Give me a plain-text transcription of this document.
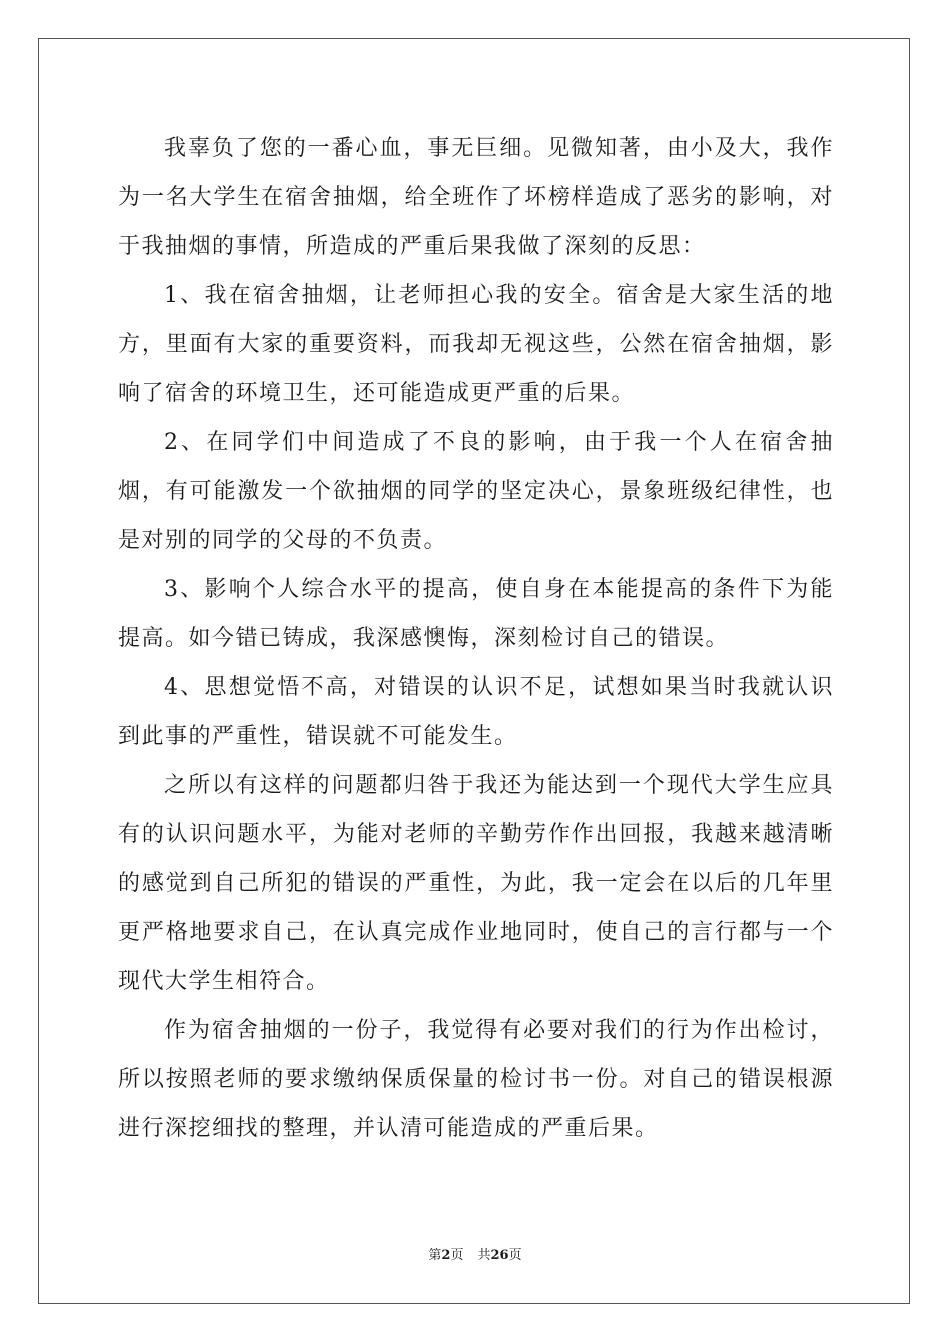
我辜负了您的一番心血，事无巨细。见微知著，由小及大，我作为一名大学生在宿舍抽烟，给全班作了坏榜样造成了恶劣的影响，对于我抽烟的事情，所造成的严重后果我做了深刻的反思：

1、我在宿舍抽烟，让老师担心我的安全。宿舍是大家生活的地方，里面有大家的重要资料，而我却无视这些，公然在宿舍抽烟，影响了宿舍的环境卫生，还可能造成更严重的后果。

2、在同学们中间造成了不良的影响，由于我一个人在宿舍抽烟，有可能激发一个欲抽烟的同学的坚定决心，景象班级纪律性，也是对别的同学的父母的不负责。

3、影响个人综合水平的提高，使自身在本能提高的条件下为能提高。如今错已铸成，我深感懊悔，深刻检讨自己的错误。

4、思想觉悟不高，对错误的认识不足，试想如果当时我就认识到此事的严重性，错误就不可能发生。

之所以有这样的问题都归咎于我还为能达到一个现代大学生应具有的认识问题水平，为能对老师的辛勤劳作作出回报，我越来越清晰的感觉到自己所犯的错误的严重性，为此，我一定会在以后的几年里更严格地要求自己，在认真完成作业地同时，使自己的言行都与一个现代大学生相符合。

作为宿舍抽烟的一份子，我觉得有必要对我们的行为作出检讨，所以按照老师的要求缴纳保质保量的检讨书一份。对自己的错误根源进行深挖细找的整理，并认清可能造成的严重后果。

第2页 共26页
